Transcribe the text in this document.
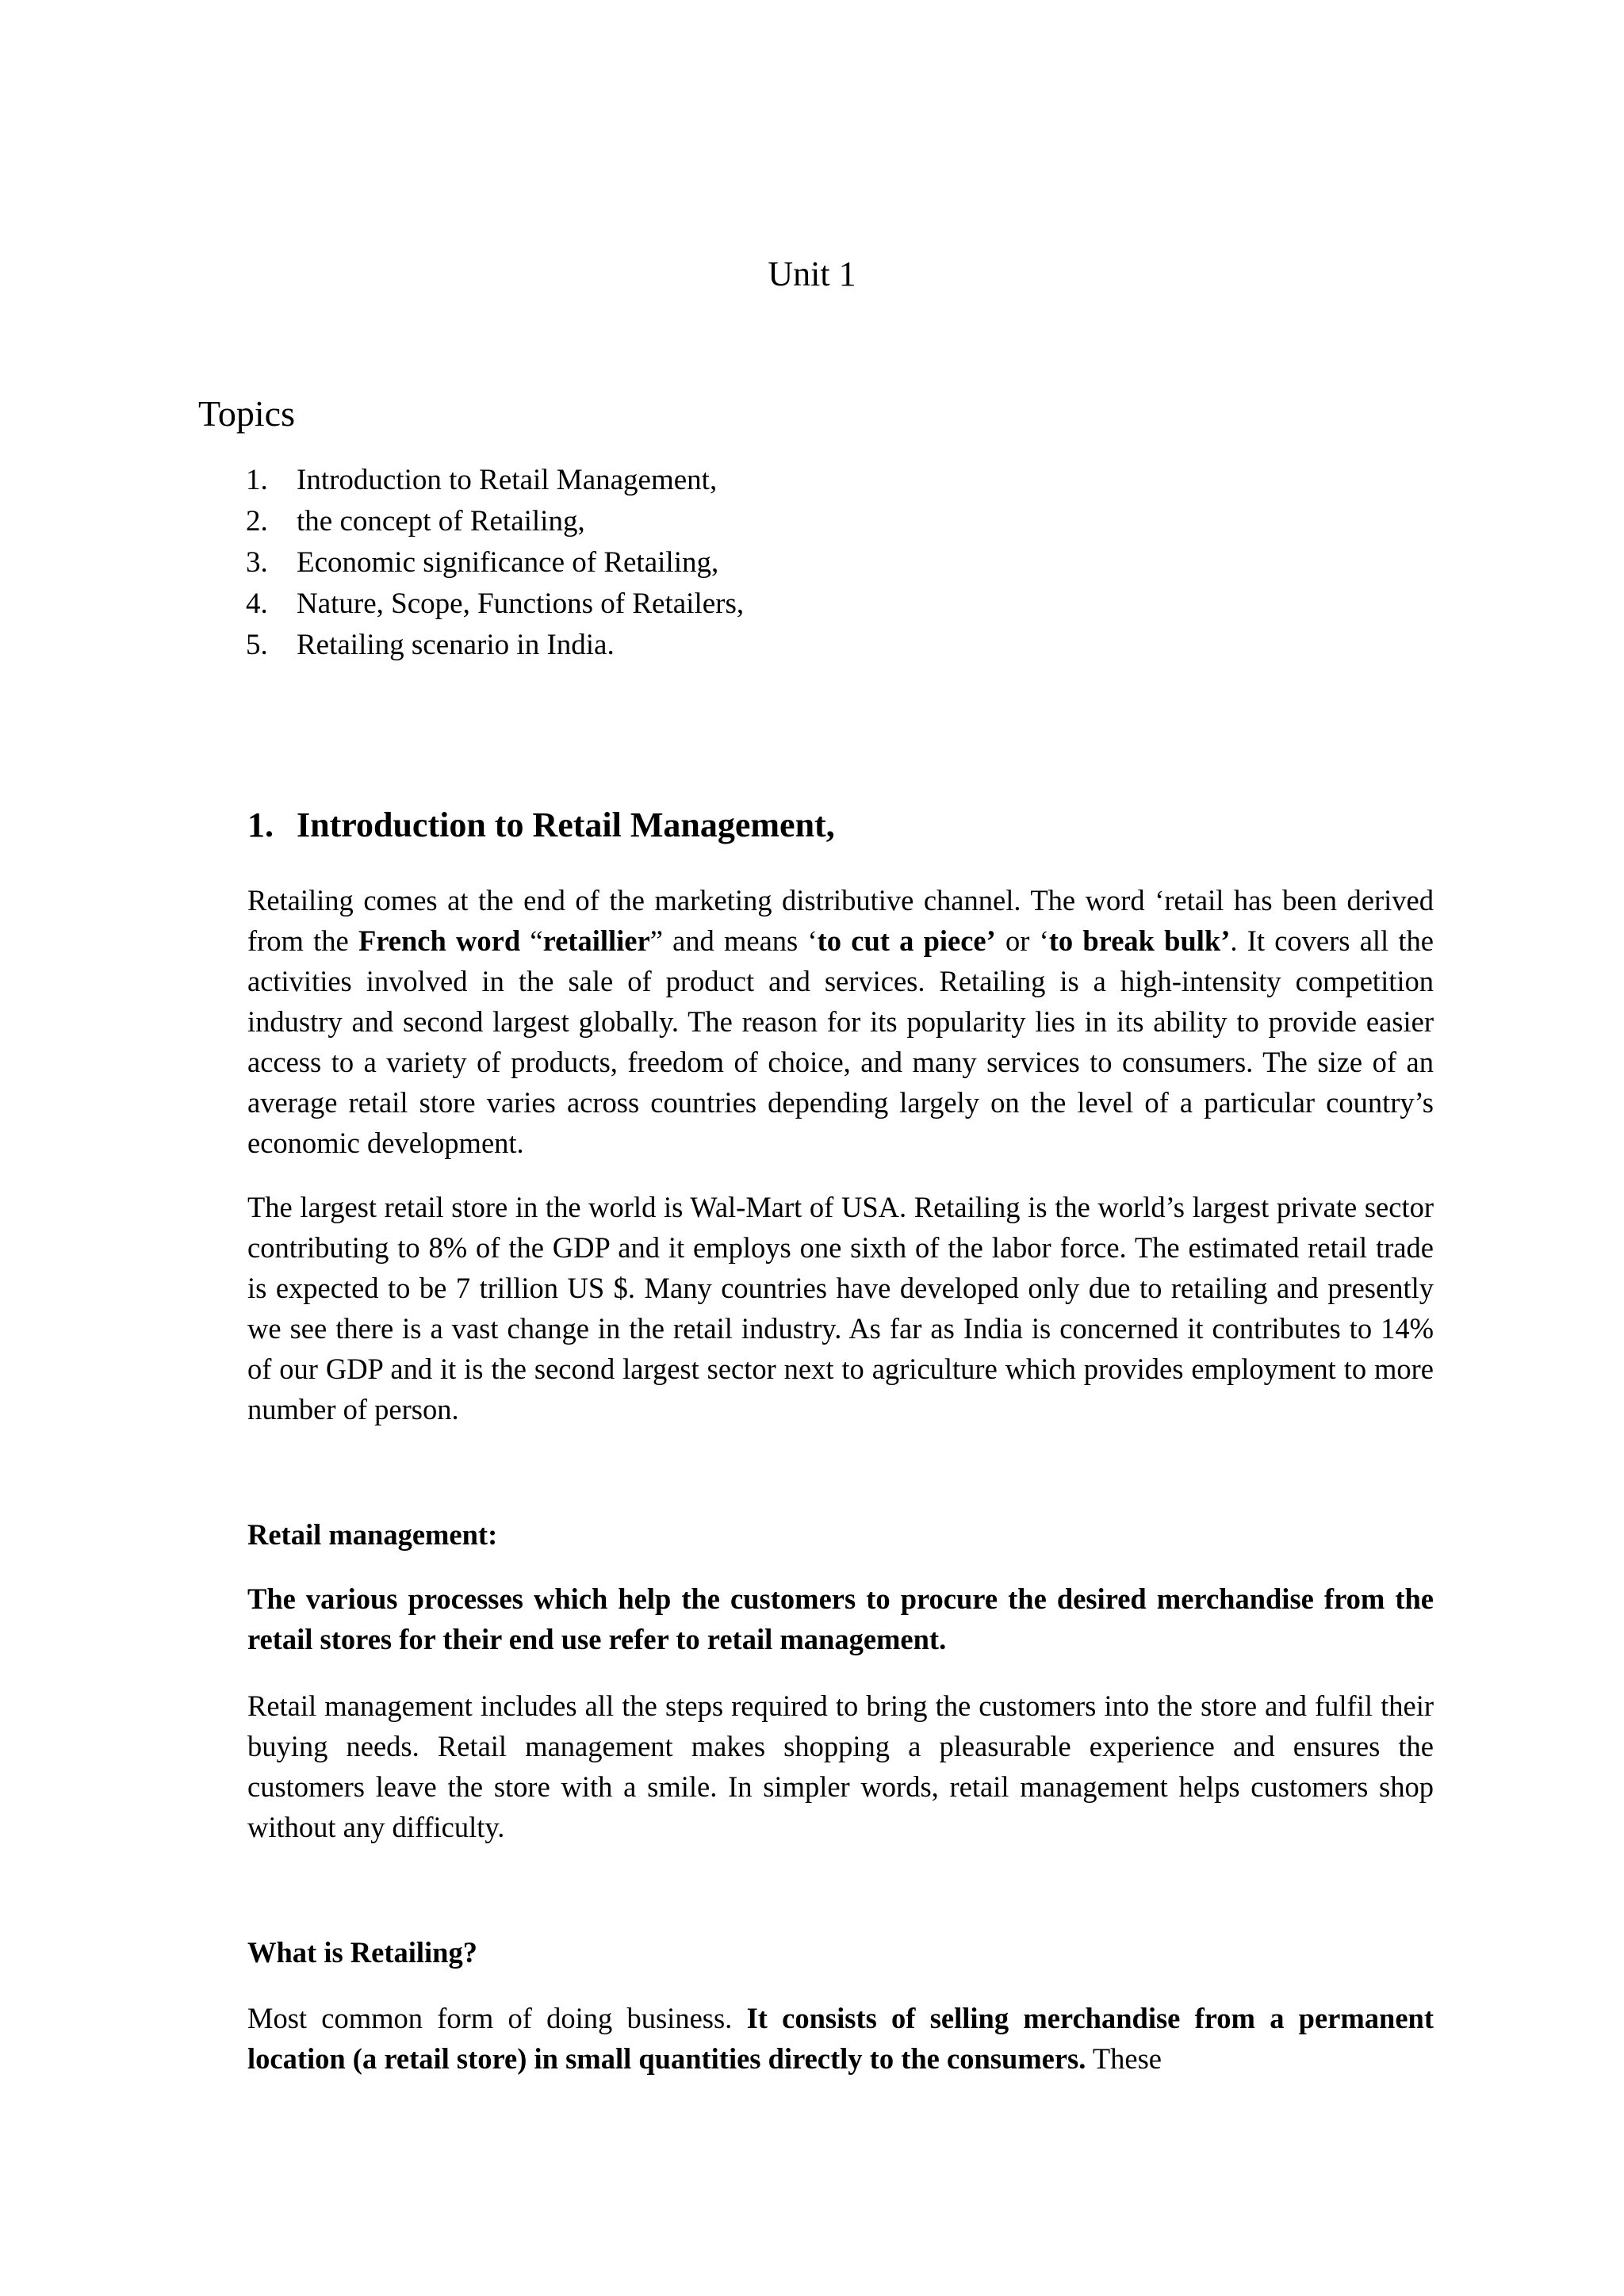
Unit 1
Topics
1. Introduction to Retail Management,
2. the concept of Retailing,
3. Economic significance of Retailing,
4. Nature, Scope, Functions of Retailers,
5. Retailing scenario in India.
1. Introduction to Retail Management,

Retailing comes at the end of the marketing distributive channel. The word ‘retail has been derived from the French word “retaillier” and means ‘to cut a piece’ or ‘to break bulk’. It covers all the activities involved in the sale of product and services. Retailing is a high-intensity competition industry and second largest globally. The reason for its popularity lies in its ability to provide easier access to a variety of products, freedom of choice, and many services to consumers. The size of an average retail store varies across countries depending largely on the level of a particular country’s economic development.

The largest retail store in the world is Wal-Mart of USA. Retailing is the world’s largest private sector contributing to 8% of the GDP and it employs one sixth of the labor force. The estimated retail trade is expected to be 7 trillion US $. Many countries have developed only due to retailing and presently we see there is a vast change in the retail industry. As far as India is concerned it contributes to 14% of our GDP and it is the second largest sector next to agriculture which provides employment to more number of person.

Retail management:

The various processes which help the customers to procure the desired merchandise from the retail stores for their end use refer to retail management.

Retail management includes all the steps required to bring the customers into the store and fulfil their buying needs. Retail management makes shopping a pleasurable experience and ensures the customers leave the store with a smile. In simpler words, retail management helps customers shop without any difficulty.

What is Retailing?

Most common form of doing business. It consists of selling merchandise from a permanent location (a retail store) in small quantities directly to the consumers. These
